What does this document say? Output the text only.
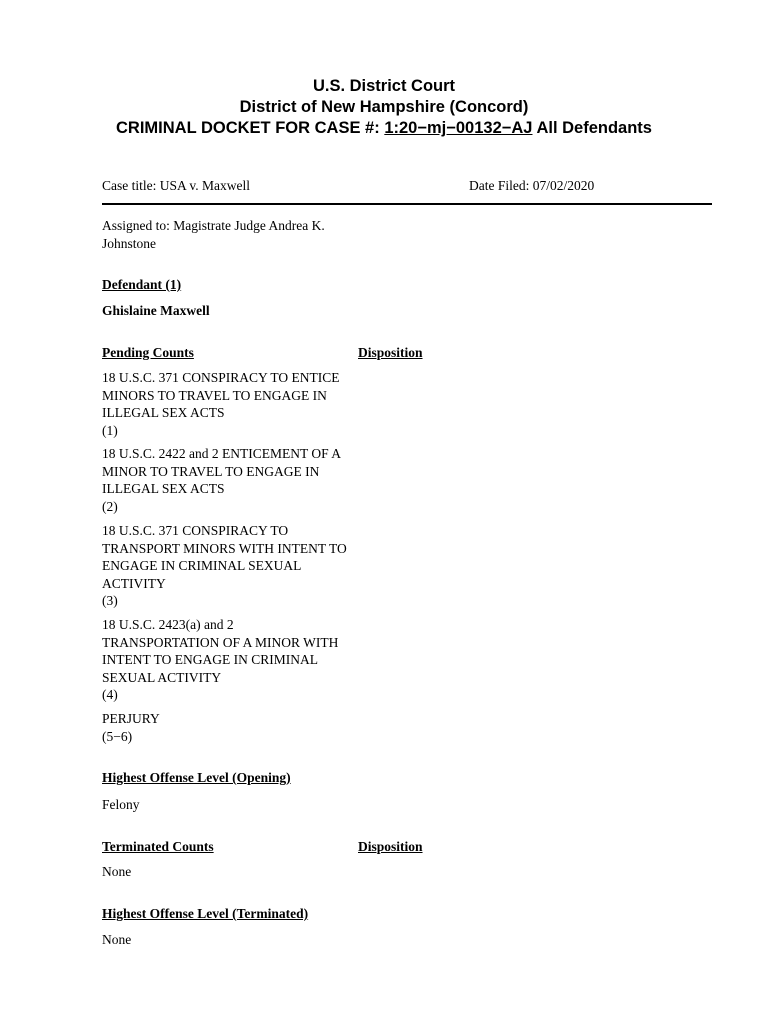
U.S. District Court
District of New Hampshire (Concord)
CRIMINAL DOCKET FOR CASE #: 1:20−mj−00132−AJ All Defendants
Case title: USA v. Maxwell	Date Filed: 07/02/2020
Assigned to: Magistrate Judge Andrea K. Johnstone
Defendant (1)
Ghislaine Maxwell
Pending Counts	Disposition
18 U.S.C. 371 CONSPIRACY TO ENTICE MINORS TO TRAVEL TO ENGAGE IN ILLEGAL SEX ACTS
(1)
18 U.S.C. 2422 and 2 ENTICEMENT OF A MINOR TO TRAVEL TO ENGAGE IN ILLEGAL SEX ACTS
(2)
18 U.S.C. 371 CONSPIRACY TO TRANSPORT MINORS WITH INTENT TO ENGAGE IN CRIMINAL SEXUAL ACTIVITY
(3)
18 U.S.C. 2423(a) and 2 TRANSPORTATION OF A MINOR WITH INTENT TO ENGAGE IN CRIMINAL SEXUAL ACTIVITY
(4)
PERJURY
(5−6)
Highest Offense Level (Opening)
Felony
Terminated Counts	Disposition
None
Highest Offense Level (Terminated)
None
